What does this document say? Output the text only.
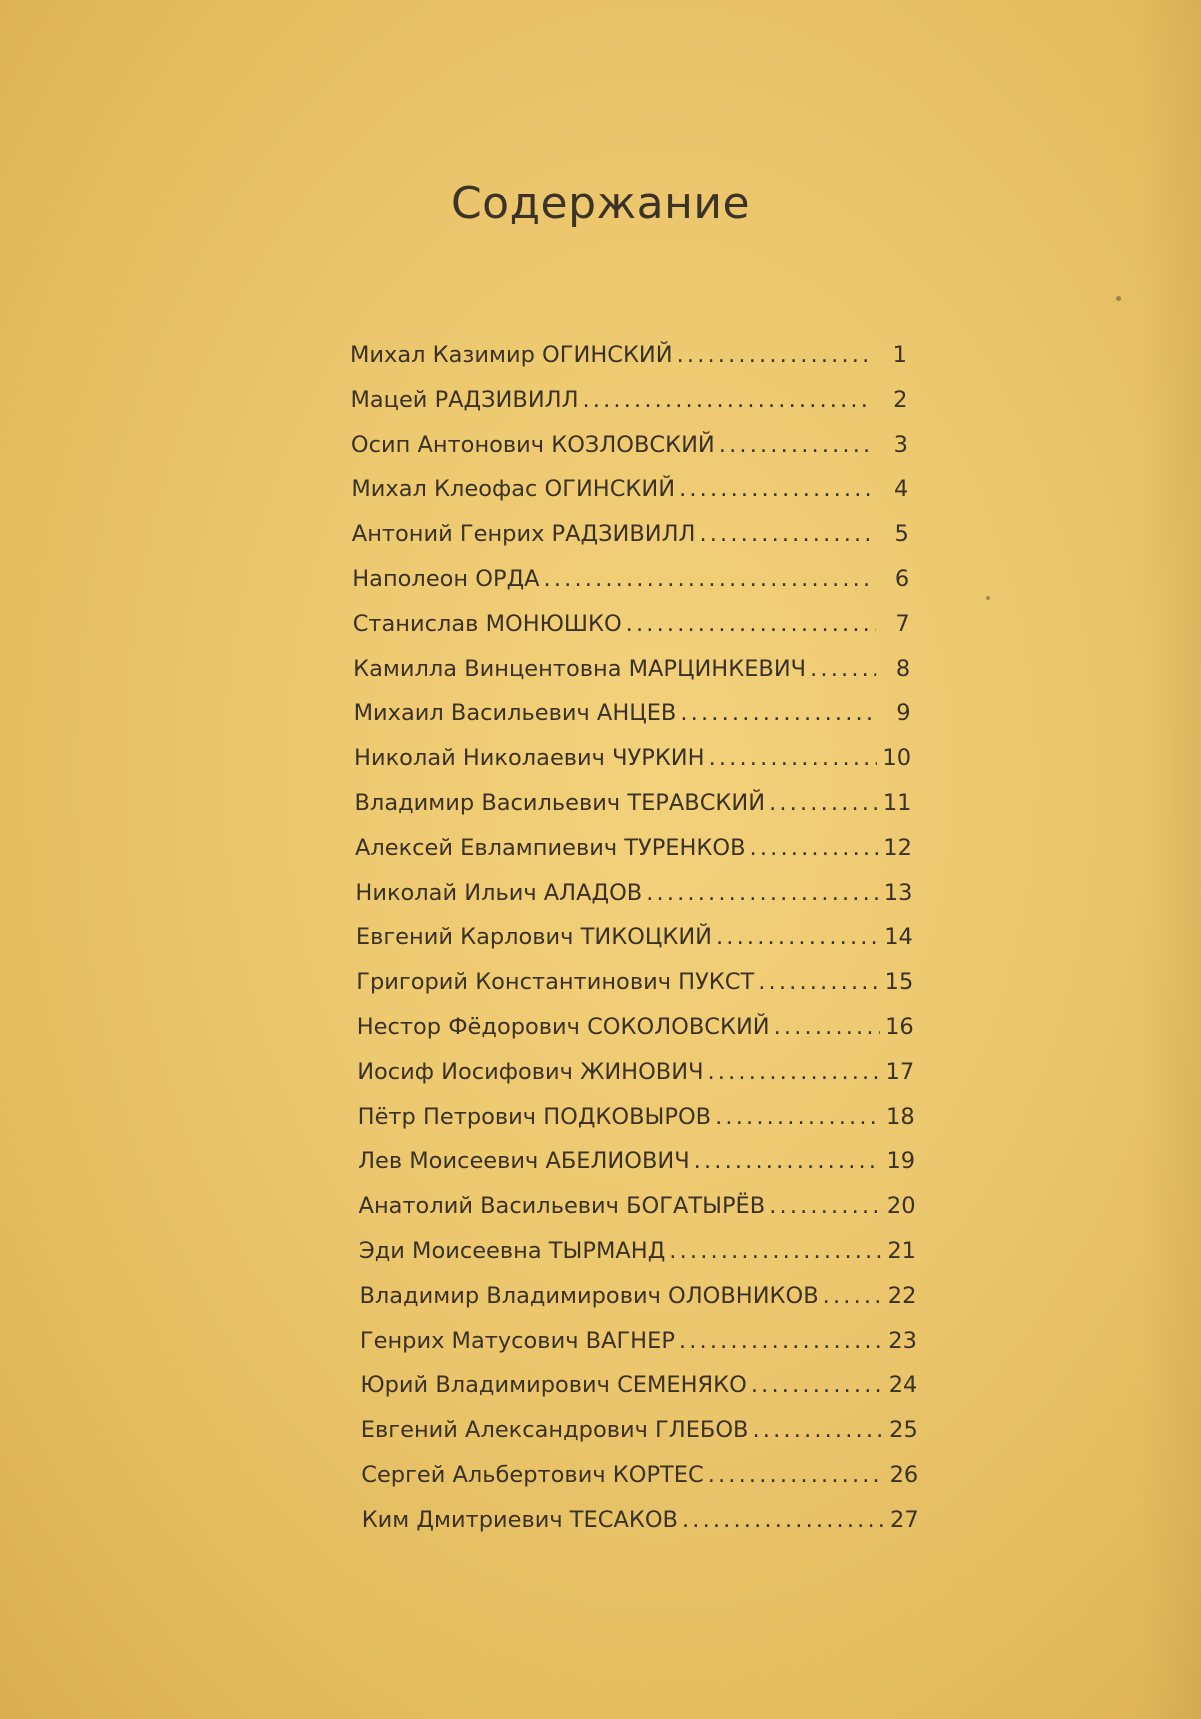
Содержание
Михал Казимир ОГИНСКИЙ . . .	1
Мацей РАДЗИВИЛЛ . . .	2
Осип Антонович КОЗЛОВСКИЙ . . .	3
Михал Клеофас ОГИНСКИЙ . . .	4
Антоний Генрих РАДЗИВИЛЛ . . .	5
Наполеон ОРДА . . .	6
Станислав МОНЮШКО . . .	7
Камилла Винцентовна МАРЦИНКЕВИЧ . . .	8
Михаил Васильевич АНЦЕВ . . .	9
Николай Николаевич ЧУРКИН . . .	10
Владимир Васильевич ТЕРАВСКИЙ . . .	11
Алексей Евлампиевич ТУРЕНКОВ . . .	12
Николай Ильич АЛАДОВ . . .	13
Евгений Карлович ТИКОЦКИЙ . . .	14
Григорий Константинович ПУКСТ . . .	15
Нестор Фёдорович СОКОЛОВСКИЙ . . .	16
Иосиф Иосифович ЖИНОВИЧ . . .	17
Пётр Петрович ПОДКОВЫРОВ . . .	18
Лев Моисеевич АБЕЛИОВИЧ . . .	19
Анатолий Васильевич БОГАТЫРЁВ . . .	20
Эди Моисеевна ТЫРМАНД . . .	21
Владимир Владимирович ОЛОВНИКОВ . . .	22
Генрих Матусович ВАГНЕР . . .	23
Юрий Владимирович СЕМЕНЯКО . . .	24
Евгений Александрович ГЛЕБОВ . . .	25
Сергей Альбертович КОРТЕС . . .	26
Ким Дмитриевич ТЕСАКОВ . . .	27
